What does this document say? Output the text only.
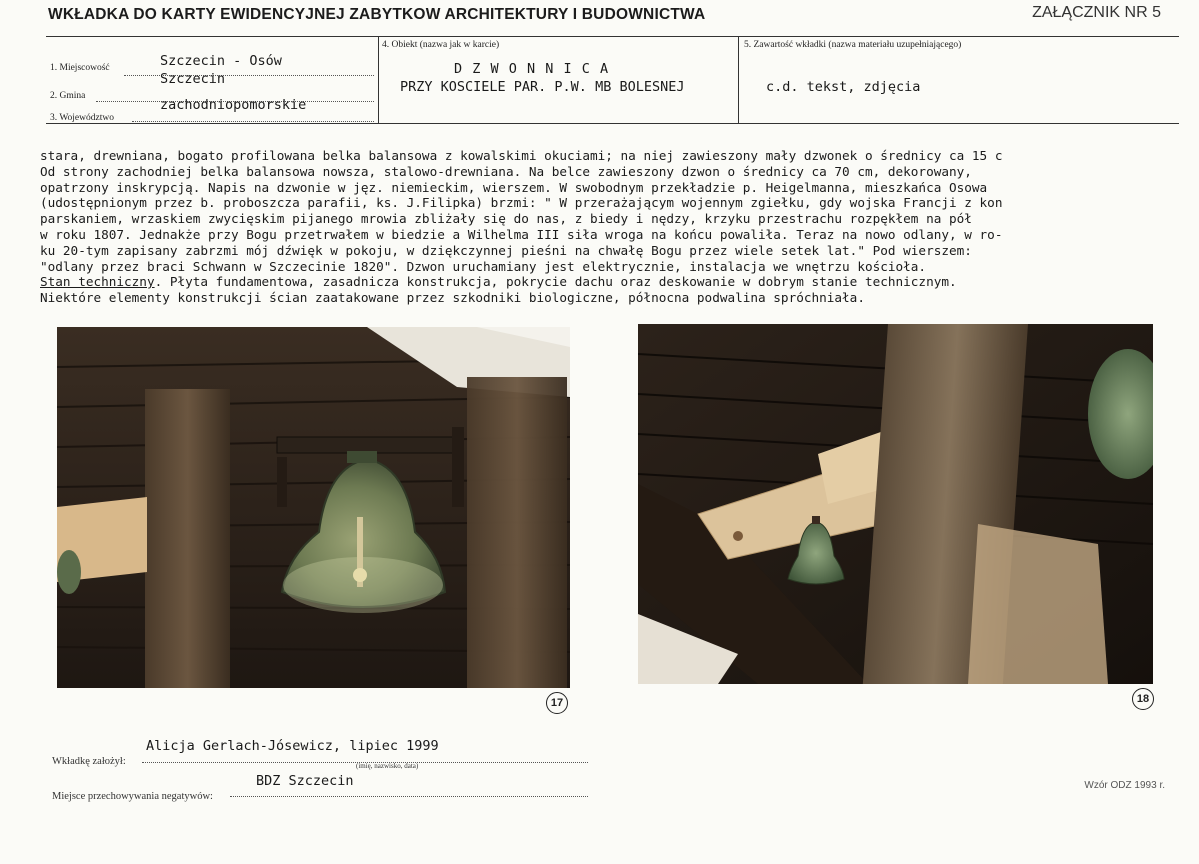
WKŁADKA DO KARTY EWIDENCYJNEJ ZABYTKOW ARCHITEKTURY I BUDOWNICTWA	ZAŁĄCZNIK NR 5
1. Miejscowość	Szczecin - Osów
2. Gmina
Szczecin
3. Województwo
zachodniopomorskie
4. Obiekt (nazwa jak w karcie)
D Z W O N N I C A
PRZY KOSCIELE PAR. P.W. MB BOLESNEJ
5. Zawartość wkładki (nazwa materiału uzupełniającego)
c.d. tekst, zdjęcia
stara, drewniana, bogato profilowana belka balansowa z kowalskimi okuciami; na niej zawieszony mały dzwonek o średnicy ca 15 c
Od strony zachodniej belka balansowa nowsza, stalowo-drewniana. Na belce zawieszony dzwon o średnicy ca 70 cm, dekorowany,
opatrzony inskrypcją. Napis na dzwonie w jęz. niemieckim, wierszem. W swobodnym przekładzie p. Heigelmanna, mieszkańca Osowa
(udostępnionym przez b. proboszcza parafii, ks. J.Filipka) brzmi: " W przerażającym wojennym zgiełku, gdy wojska Francji z kon
parskaniem, wrzaskiem zwycięskim pijanego mrowia zbliżały się do nas, z biedy i nędzy, krzyku przestrachu rozpękłem na pół
w roku 1807. Jednakże przy Bogu przetrwałem w biedzie a Wilhelma III siła wroga na końcu powaliła. Teraz na nowo odlany, w ro-
ku 20-tym zapisany zabrzmi mój dźwięk w pokoju, w dziękczynnej pieśni na chwałę Bogu przez wiele setek lat." Pod wierszem:
"odlany przez braci Schwann w Szczecinie 1820". Dzwon uruchamiany jest elektrycznie, instalacja we wnętrzu kościoła.
Stan techniczny. Płyta fundamentowa, zasadnicza konstrukcja, pokrycie dachu oraz deskowanie w dobrym stanie technicznym.
Niektóre elementy konstrukcji ścian zaatakowane przez szkodniki biologiczne, północna podwalina spróchniała.
17	18
Wkładkę założył:
Alicja Gerlach-Jósewicz, lipiec 1999
(imię, nazwisko, data)
Miejsce przechowywania negatywów:
BDZ Szczecin	Wzór ODZ 1993 r.
